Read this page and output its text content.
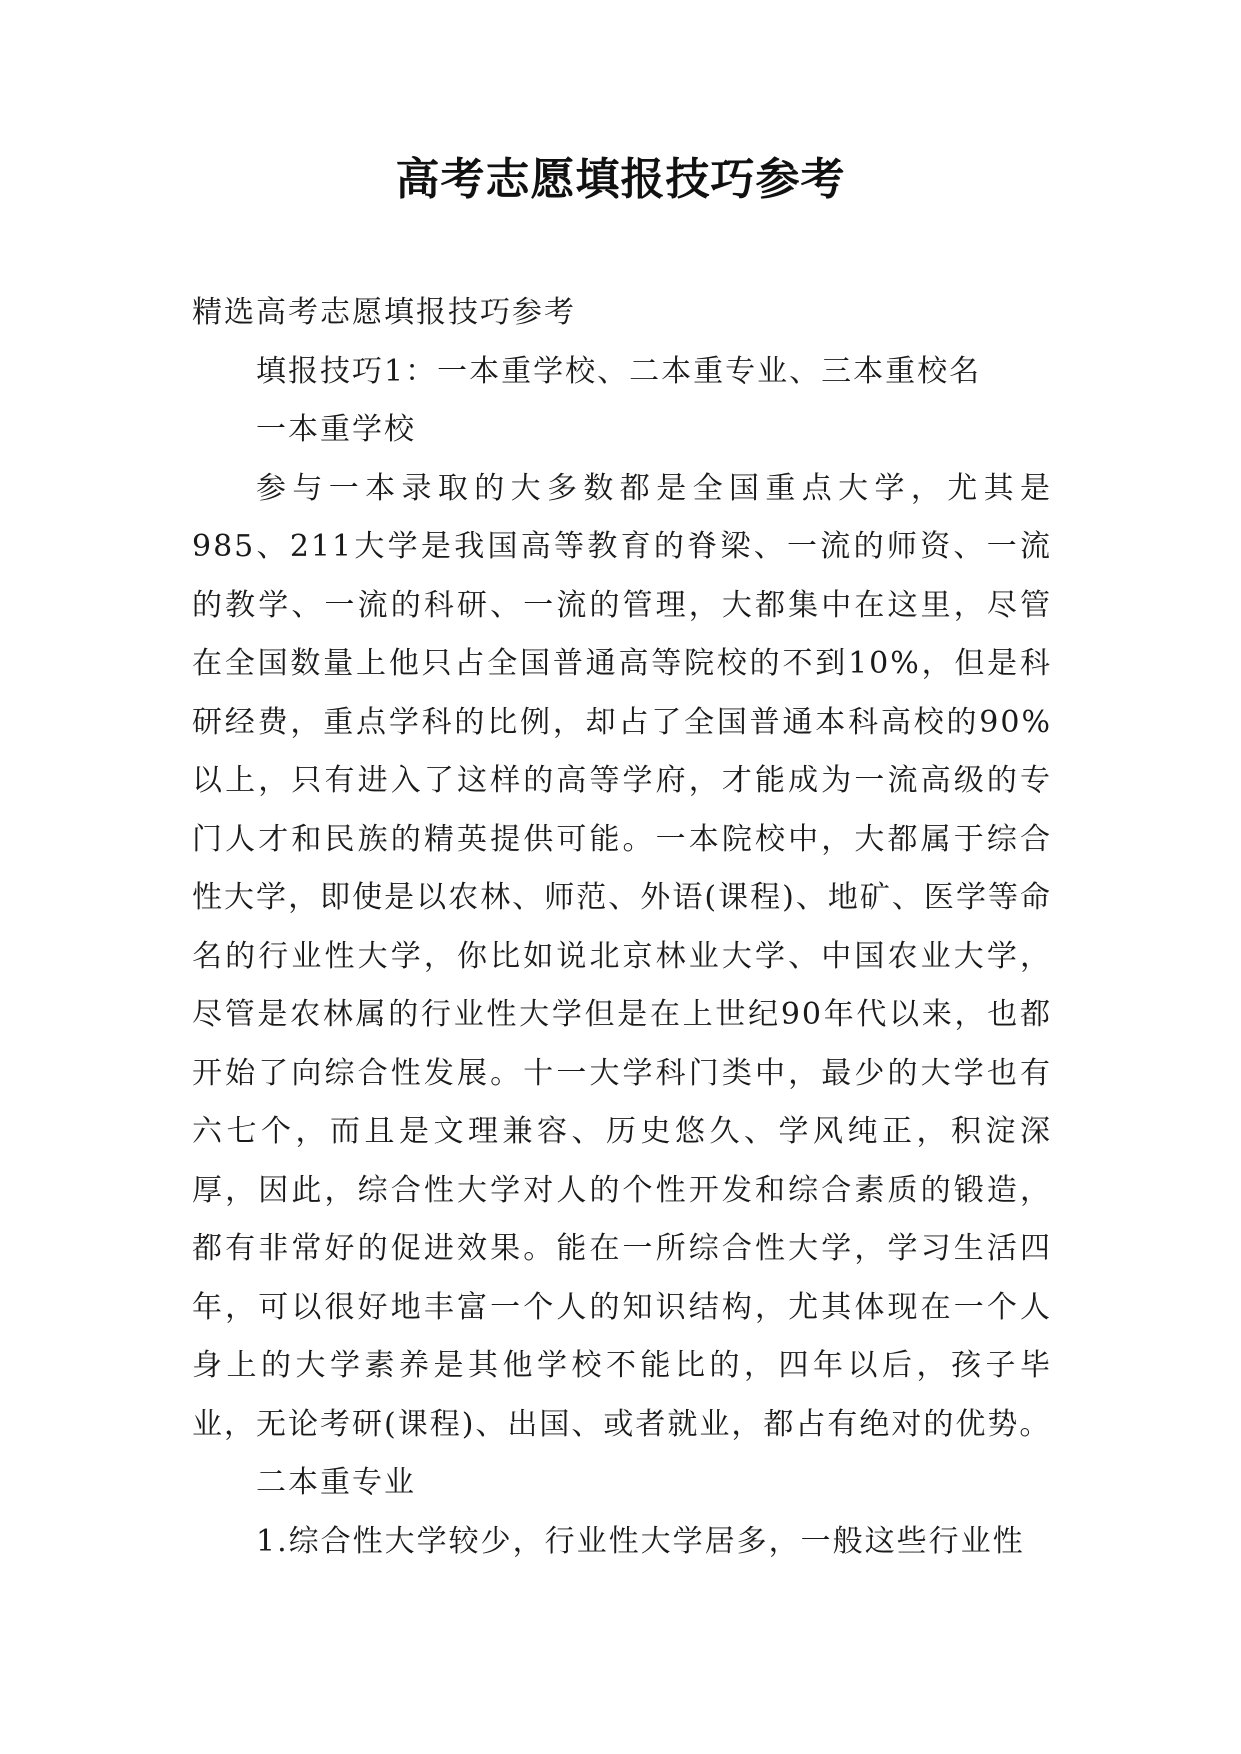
高考志愿填报技巧参考

精选高考志愿填报技巧参考

填报技巧1：一本重学校、二本重专业、三本重校名

一本重学校

参与一本录取的大多数都是全国重点大学，尤其是985、211大学是我国高等教育的脊梁、一流的师资、一流的教学、一流的科研、一流的管理，大都集中在这里，尽管在全国数量上他只占全国普通高等院校的不到10%，但是科研经费，重点学科的比例，却占了全国普通本科高校的90%以上，只有进入了这样的高等学府，才能成为一流高级的专门人才和民族的精英提供可能。一本院校中，大都属于综合性大学，即使是以农林、师范、外语(课程)、地矿、医学等命名的行业性大学，你比如说北京林业大学、中国农业大学，尽管是农林属的行业性大学但是在上世纪90年代以来，也都开始了向综合性发展。十一大学科门类中，最少的大学也有六七个，而且是文理兼容、历史悠久、学风纯正，积淀深厚，因此，综合性大学对人的个性开发和综合素质的锻造，都有非常好的促进效果。能在一所综合性大学，学习生活四年，可以很好地丰富一个人的知识结构，尤其体现在一个人身上的大学素养是其他学校不能比的，四年以后，孩子毕业，无论考研(课程)、出国、或者就业，都占有绝对的优势。

二本重专业

1.综合性大学较少，行业性大学居多，一般这些行业性
